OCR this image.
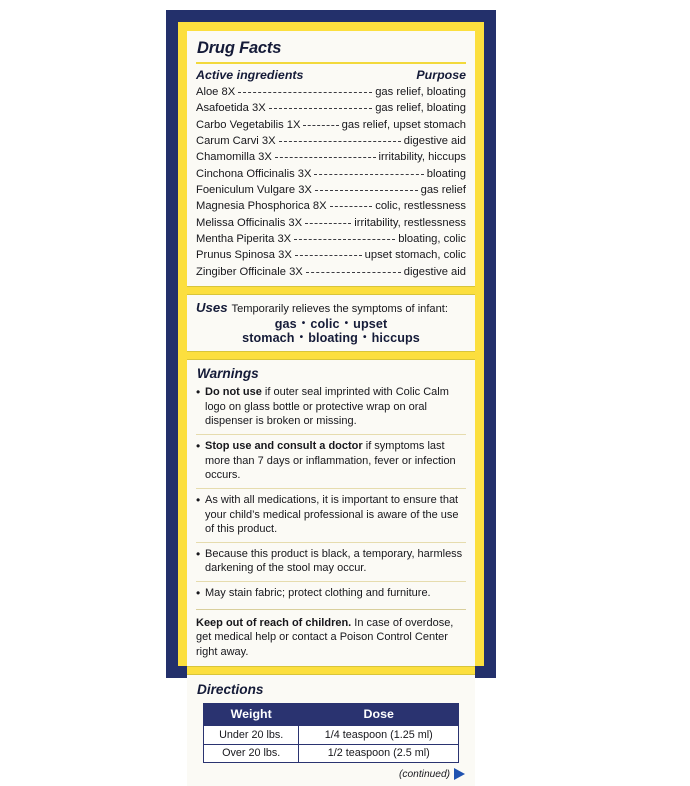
Drug Facts
Active ingredients	Purpose
Aloe 8X	gas relief, bloating
Asafoetida 3X	gas relief, bloating
Carbo Vegetabilis 1X	gas relief, upset stomach
Carum Carvi 3X	digestive aid
Chamomilla 3X	irritability, hiccups
Cinchona Officinalis 3X	bloating
Foeniculum Vulgare 3X	gas relief
Magnesia Phosphorica 8X	colic, restlessness
Melissa Officinalis 3X	irritability, restlessness
Mentha Piperita 3X	bloating, colic
Prunus Spinosa 3X	upset stomach, colic
Zingiber Officinale 3X	digestive aid
Uses Temporarily relieves the symptoms of infant:
gas • colic • upset stomach • bloating • hiccups
Warnings
• Do not use if outer seal imprinted with Colic Calm logo on glass bottle or protective wrap on oral dispenser is broken or missing.
• Stop use and consult a doctor if symptoms last more than 7 days or inflammation, fever or infection occurs.
• As with all medications, it is important to ensure that your child’s medical professional is aware of the use of this product.
• Because this product is black, a temporary, harmless darkening of the stool may occur.
• May stain fabric; protect clothing and furniture.
Keep out of reach of children. In case of overdose, get medical help or contact a Poison Control Center right away.
Directions
Weight	Dose
Under 20 lbs.	1/4 teaspoon (1.25 ml)
Over 20 lbs.	1/2 teaspoon (2.5 ml)
(continued)
